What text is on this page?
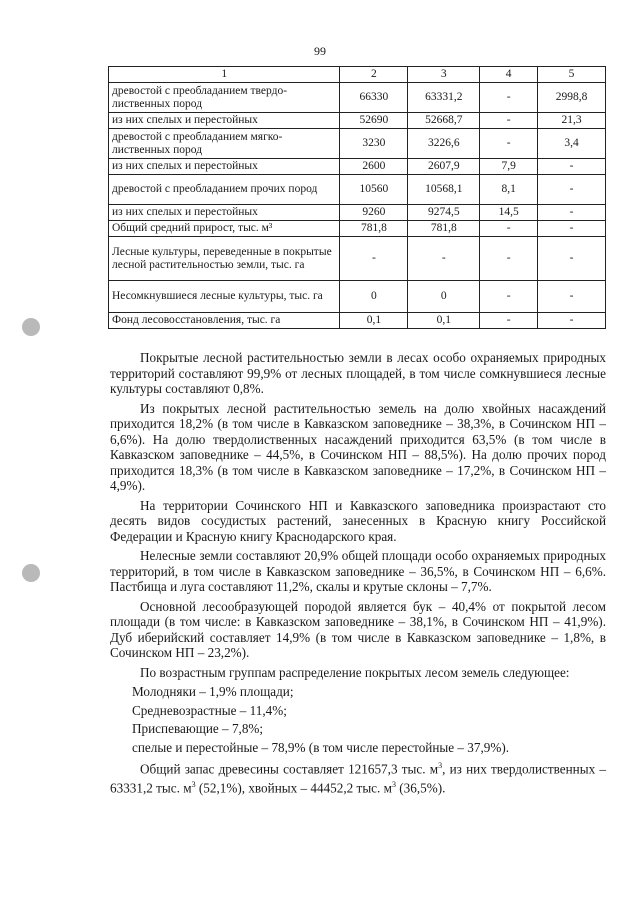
99
1	2	3	4	5
древостой с преобладанием твердо-лиственных пород	66330	63331,2	-	2998,8
из них спелых и перестойных	52690	52668,7	-	21,3
древостой с преобладанием мягко-лиственных пород	3230	3226,6	-	3,4
из них спелых и перестойных	2600	2607,9	7,9	-
древостой с преобладанием прочих пород	10560	10568,1	8,1	-
из них спелых и перестойных	9260	9274,5	14,5	-
Общий средний прирост, тыс. м³	781,8	781,8	-	-
Лесные культуры, переведенные в покрытые лесной растительностью земли, тыс. га	-	-	-	-
Несомкнувшиеся лесные культуры, тыс. га	0	0	-	-
Фонд лесовосстановления, тыс. га	0,1	0,1	-	-

Покрытые лесной растительностью земли в лесах особо охраняемых природных территорий составляют 99,9% от лесных площадей, в том числе сомкнувшиеся лесные культуры составляют 0,8%.

Из покрытых лесной растительностью земель на долю хвойных насаждений приходится 18,2% (в том числе в Кавказском заповеднике – 38,3%, в Сочинском НП – 6,6%). На долю твердолиственных насаждений приходится 63,5% (в том числе в Кавказском заповеднике – 44,5%, в Сочинском НП – 88,5%). На долю прочих пород приходится 18,3% (в том числе в Кавказском заповеднике – 17,2%, в Сочинском НП – 4,9%).

На территории Сочинского НП и Кавказского заповедника произрастают сто десять видов сосудистых растений, занесенных в Красную книгу Российской Федерации и Красную книгу Краснодарского края.

Нелесные земли составляют 20,9% общей площади особо охраняемых природных территорий, в том числе в Кавказском заповеднике – 36,5%, в Сочинском НП – 6,6%. Пастбища и луга составляют 11,2%, скалы и крутые склоны – 7,7%.

Основной лесообразующей породой является бук – 40,4% от покрытой лесом площади (в том числе: в Кавказском заповеднике – 38,1%, в Сочинском НП – 41,9%). Дуб иберийский составляет 14,9% (в том числе в Кавказском заповеднике – 1,8%, в Сочинском НП – 23,2%).

По возрастным группам распределение покрытых лесом земель следующее:

Молодняки – 1,9% площади;

Средневозрастные – 11,4%;

Приспевающие – 7,8%;

спелые и перестойные – 78,9% (в том числе перестойные – 37,9%).

Общий запас древесины составляет 121657,3 тыс. $м^3$, из них твердолиственных – 63331,2 тыс. $м^3$ (52,1%), хвойных – 44452,2 тыс. $м^3$ (36,5%).
